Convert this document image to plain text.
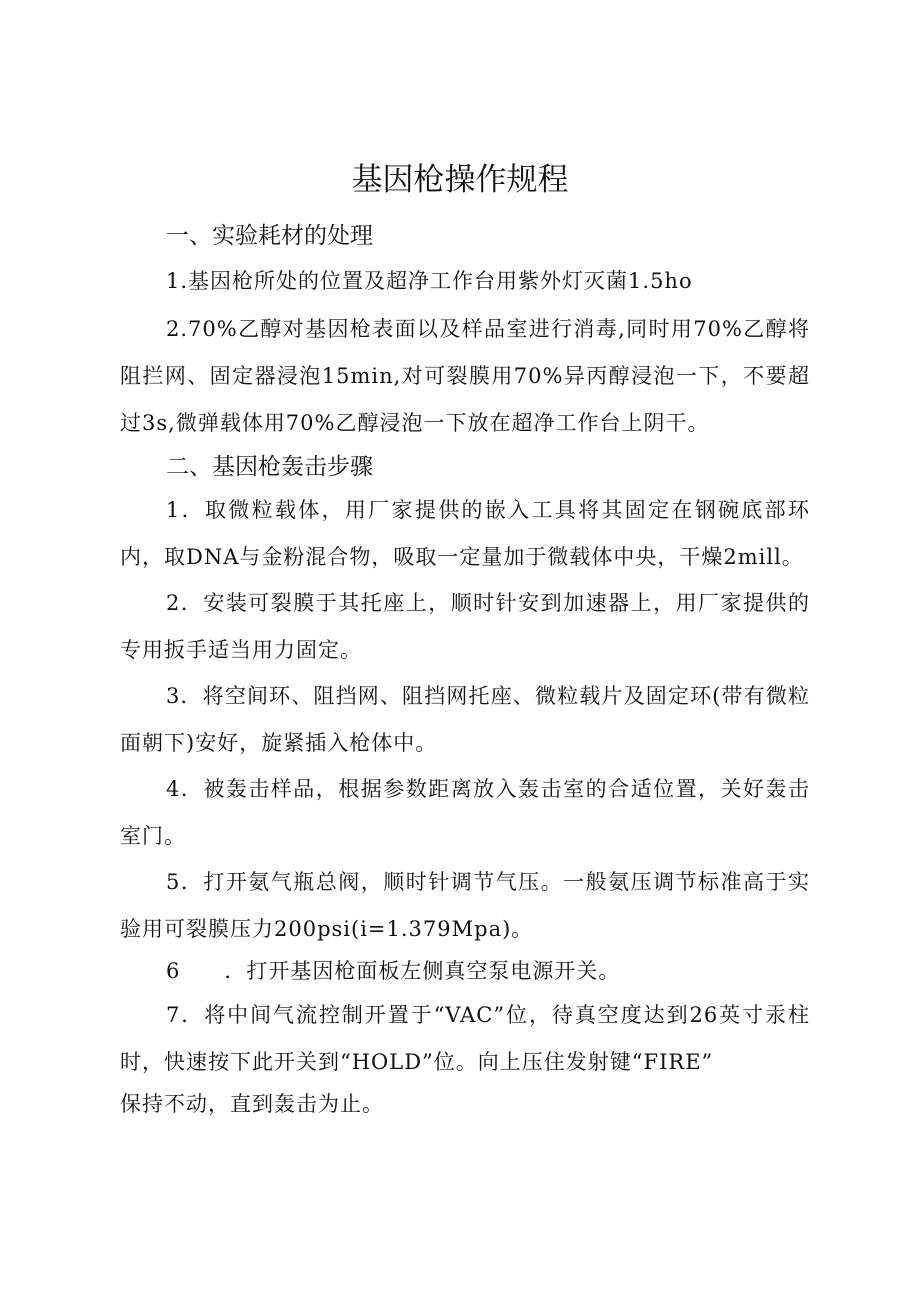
基因枪操作规程
一、实验耗材的处理
1.基因枪所处的位置及超净工作台用紫外灯灭菌1.5ho
2.70%乙醇对基因枪表面以及样品室进行消毒,同时用70%乙醇将阻拦网、固定器浸泡15min,对可裂膜用70%异丙醇浸泡一下，不要超过3s,微弹载体用70%乙醇浸泡一下放在超净工作台上阴干。
二、基因枪轰击步骤
1．取微粒载体，用厂家提供的嵌入工具将其固定在钢碗底部环内，取DNA与金粉混合物，吸取一定量加于微载体中央，干燥2mill。
2．安装可裂膜于其托座上，顺时针安到加速器上，用厂家提供的专用扳手适当用力固定。
3．将空间环、阻挡网、阻挡网托座、微粒载片及固定环(带有微粒面朝下)安好，旋紧插入枪体中。
4．被轰击样品，根据参数距离放入轰击室的合适位置，关好轰击室门。
5．打开氨气瓶总阀，顺时针调节气压。一般氨压调节标准高于实验用可裂膜压力200psi(i=1.379Mpa)。
6　　．打开基因枪面板左侧真空泵电源开关。
7．将中间气流控制开置于“VAC”位，待真空度达到26英寸汞柱时，快速按下此开关到“HOLD”位。向上压住发射键“FIRE”
保持不动，直到轰击为止。
